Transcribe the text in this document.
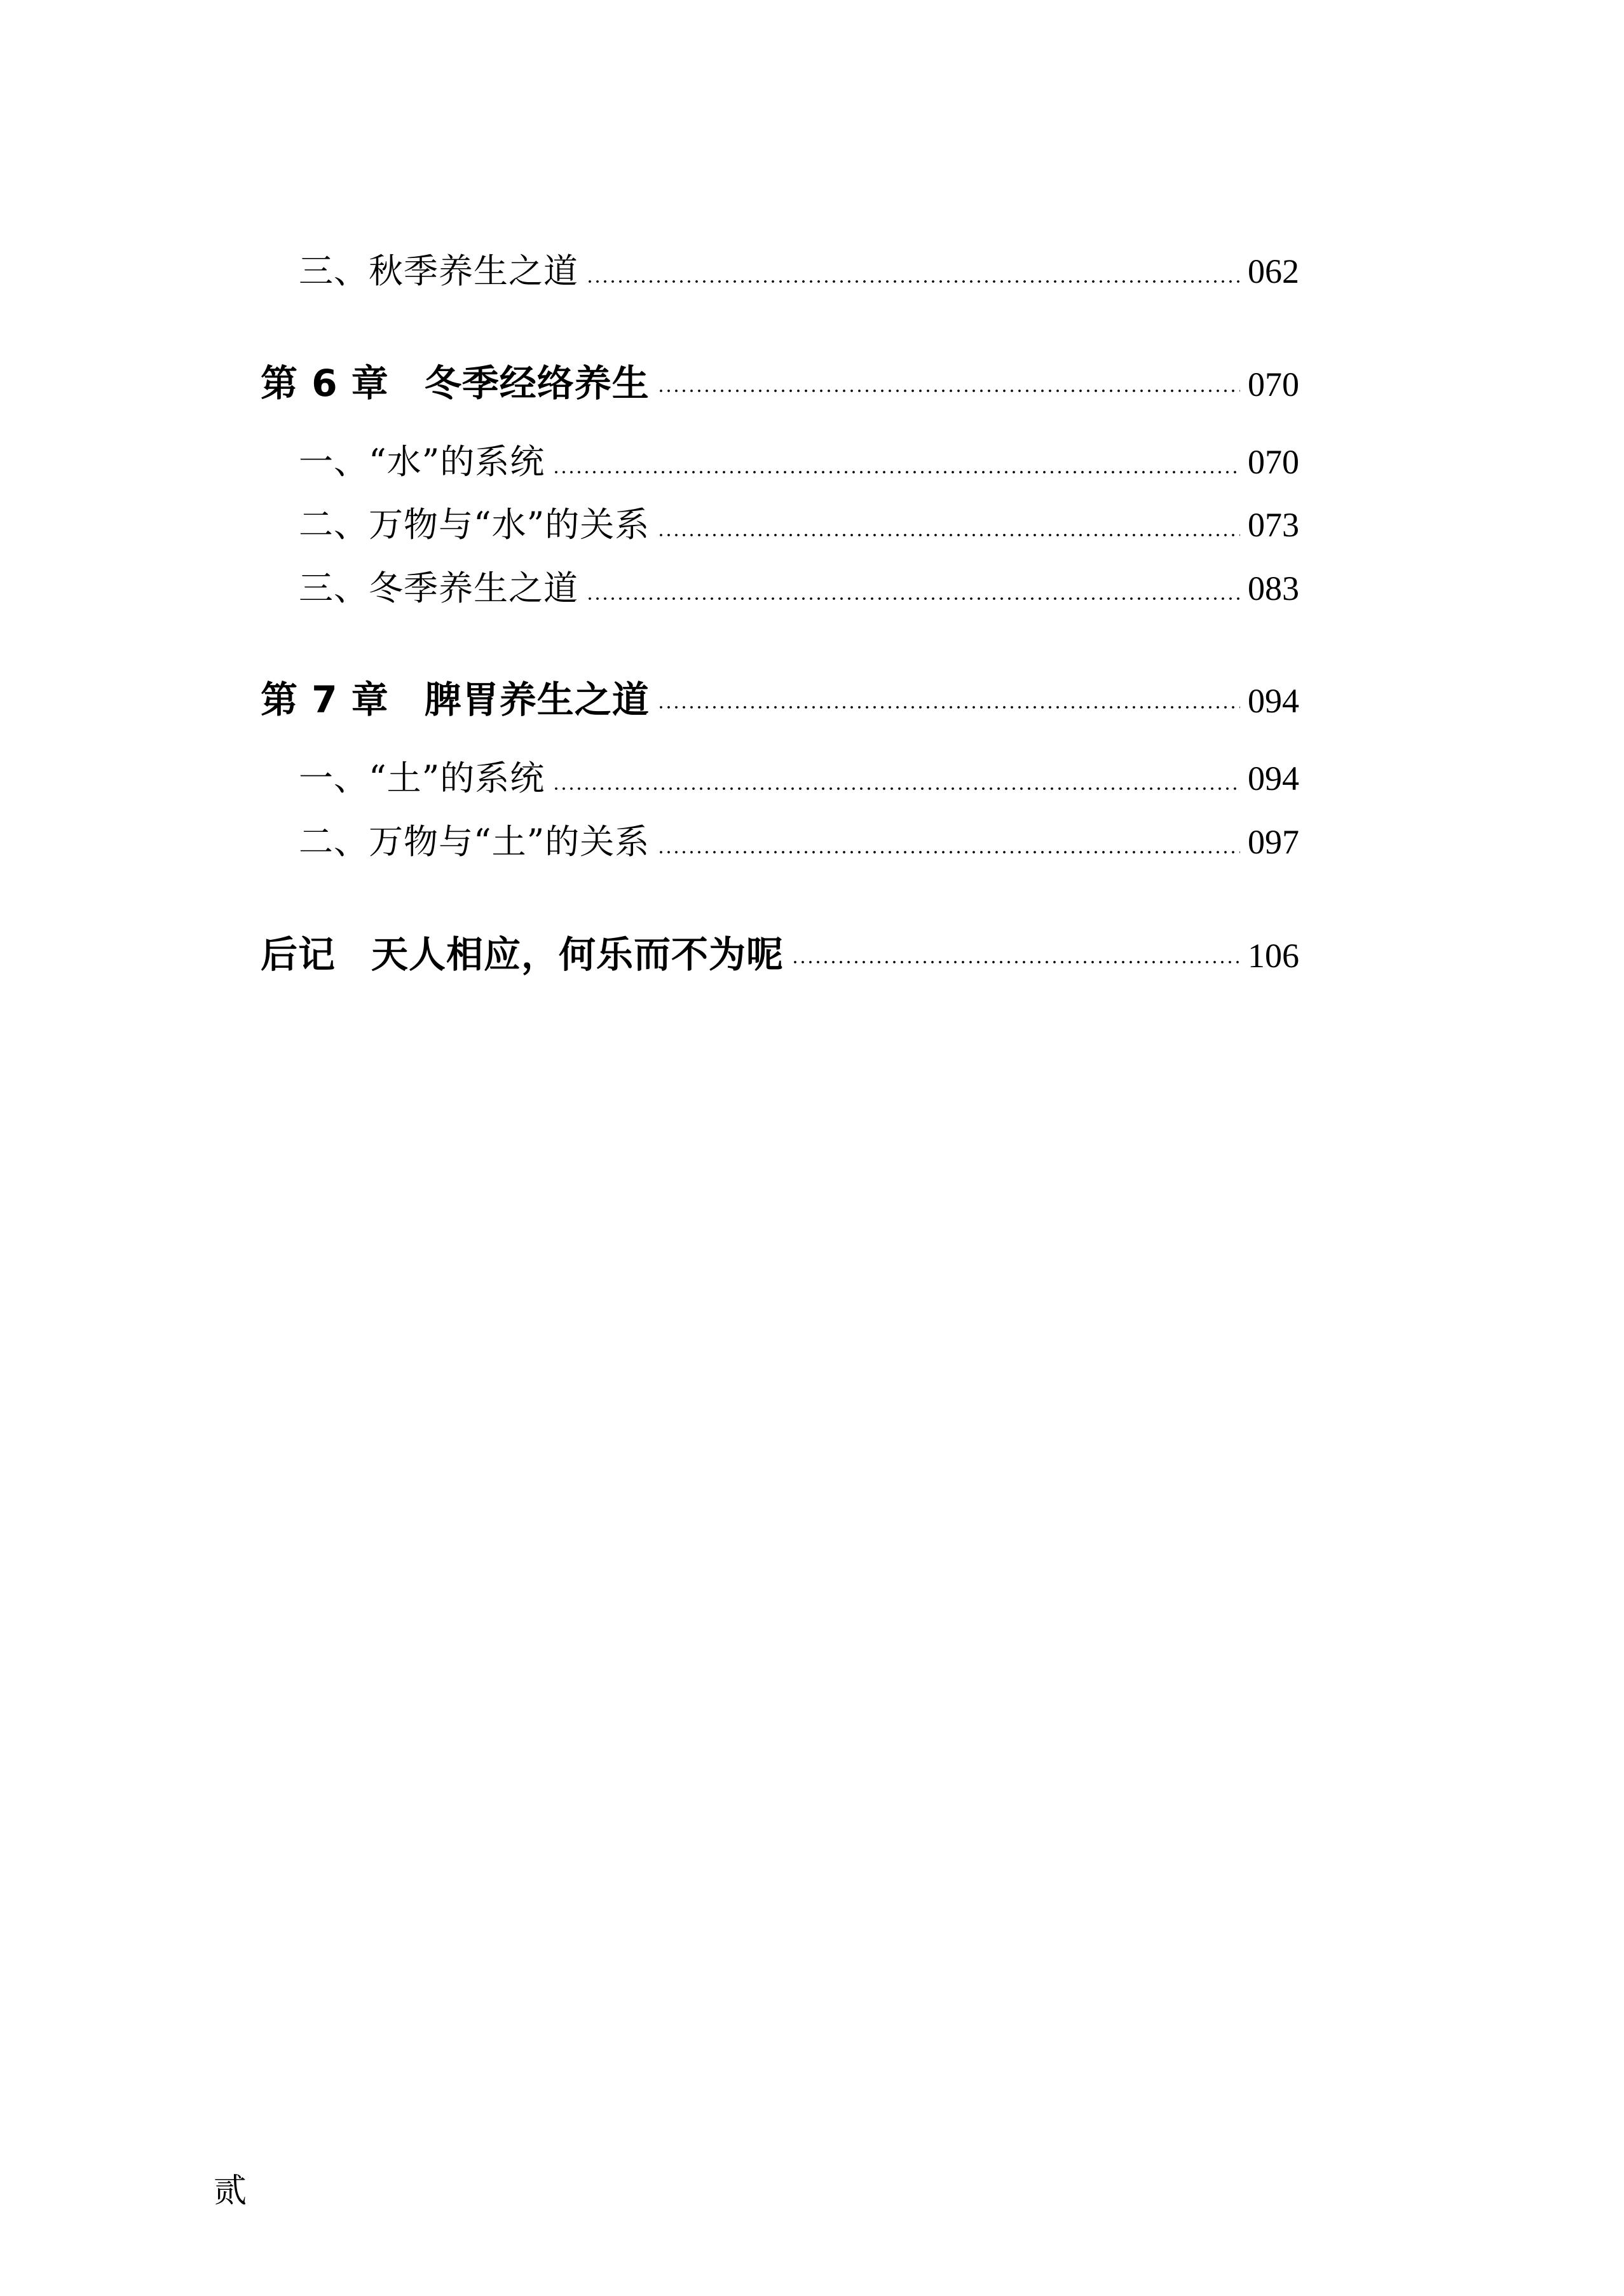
三、秋季养生之道	062
第 6 章 冬季经络养生	070
一、“水”的系统	070
二、万物与“水”的关系	073
三、冬季养生之道	083
第 7 章 脾胃养生之道	094
一、“土”的系统	094
二、万物与“土”的关系	097
后记 天人相应，何乐而不为呢	106
贰
